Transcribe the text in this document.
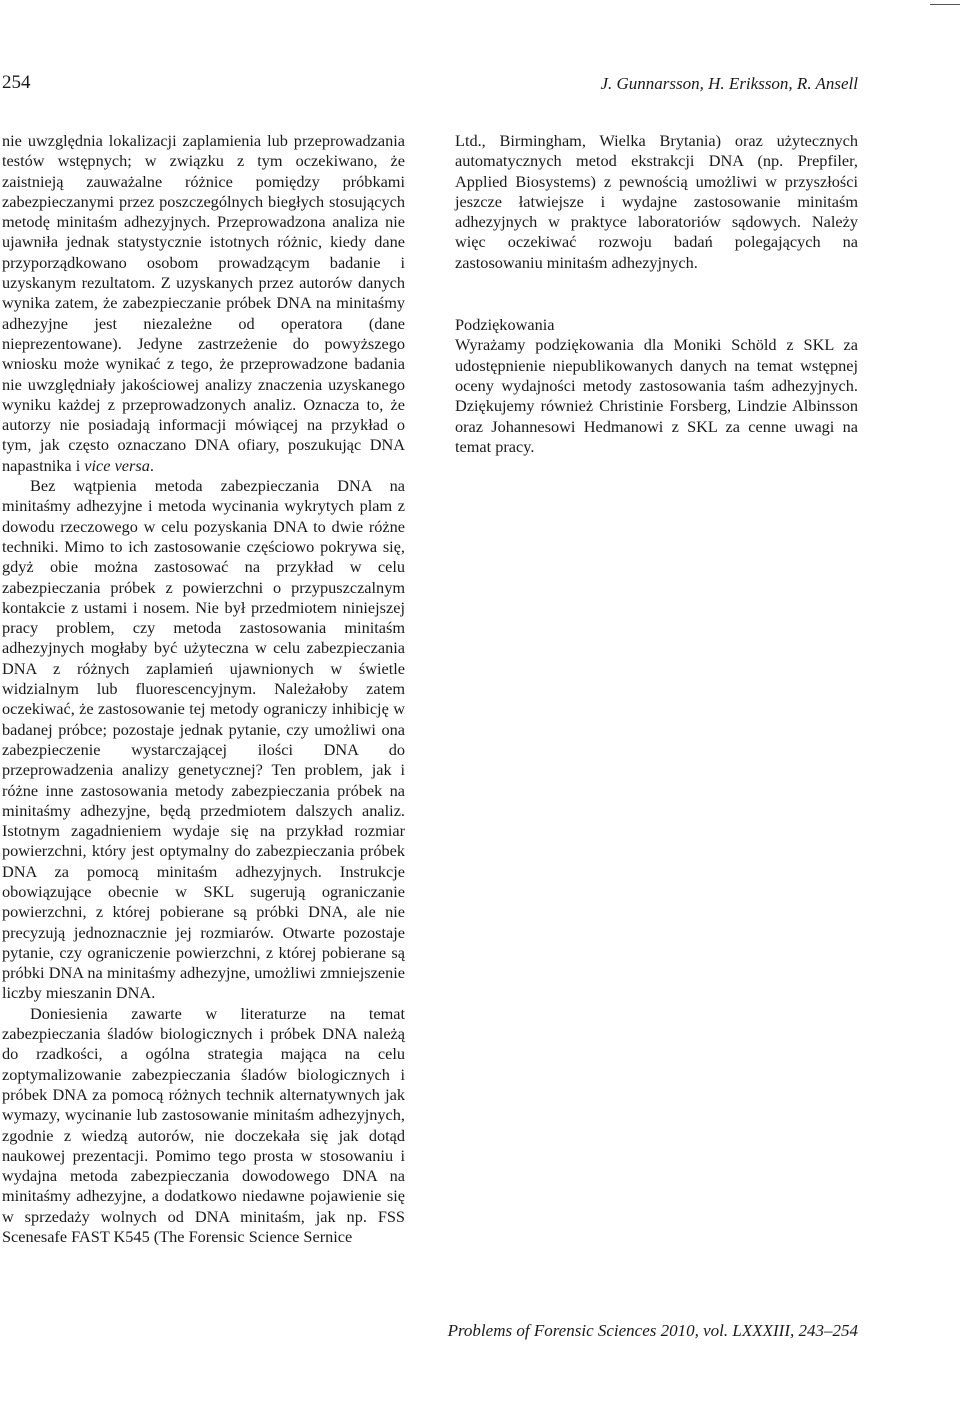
254	J. Gunnarsson, H. Eriksson, R. Ansell

nie uwzględnia lokalizacji zaplamienia lub przeprowadzania testów wstępnych; w związku z tym oczekiwano, że zaistnieją zauważalne różnice pomiędzy próbkami zabezpieczanymi przez poszczególnych biegłych stosujących metodę minitaśm adhezyjnych. Przeprowadzona analiza nie ujawniła jednak statystycznie istotnych różnic, kiedy dane przyporządkowano osobom prowadzącym badanie i uzyskanym rezultatom. Z uzyskanych przez autorów danych wynika zatem, że zabezpieczanie próbek DNA na minitaśmy adhezyjne jest niezależne od operatora (dane nieprezentowane). Jedyne zastrzeżenie do powyższego wniosku może wynikać z tego, że przeprowadzone badania nie uwzględniały jakościowej analizy znaczenia uzyskanego wyniku każdej z przeprowadzonych analiz. Oznacza to, że autorzy nie posiadają informacji mówiącej na przykład o tym, jak często oznaczano DNA ofiary, poszukując DNA napastnika i vice versa.

Bez wątpienia metoda zabezpieczania DNA na minitaśmy adhezyjne i metoda wycinania wykrytych plam z dowodu rzeczowego w celu pozyskania DNA to dwie różne techniki. Mimo to ich zastosowanie częściowo pokrywa się, gdyż obie można zastosować na przykład w celu zabezpieczania próbek z powierzchni o przypuszczalnym kontakcie z ustami i nosem. Nie był przedmiotem niniejszej pracy problem, czy metoda zastosowania minitaśm adhezyjnych mogłaby być użyteczna w celu zabezpieczania DNA z różnych zaplamień ujawnionych w świetle widzialnym lub fluorescencyjnym. Należałoby zatem oczekiwać, że zastosowanie tej metody ograniczy inhibicję w badanej próbce; pozostaje jednak pytanie, czy umożliwi ona zabezpieczenie wystarczającej ilości DNA do przeprowadzenia analizy genetycznej? Ten problem, jak i różne inne zastosowania metody zabezpieczania próbek na minitaśmy adhezyjne, będą przedmiotem dalszych analiz. Istotnym zagadnieniem wydaje się na przykład rozmiar powierzchni, który jest optymalny do zabezpieczania próbek DNA za pomocą minitaśm adhezyjnych. Instrukcje obowiązujące obecnie w SKL sugerują ograniczanie powierzchni, z której pobierane są próbki DNA, ale nie precyzują jednoznacznie jej rozmiarów. Otwarte pozostaje pytanie, czy ograniczenie powierzchni, z której pobierane są próbki DNA na minitaśmy adhezyjne, umożliwi zmniejszenie liczby mieszanin DNA.

Doniesienia zawarte w literaturze na temat zabezpieczania śladów biologicznych i próbek DNA należą do rzadkości, a ogólna strategia mająca na celu zoptymalizowanie zabezpieczania śladów biologicznych i próbek DNA za pomocą różnych technik alternatywnych jak wymazy, wycinanie lub zastosowanie minitaśm adhezyjnych, zgodnie z wiedzą autorów, nie doczekała się jak dotąd naukowej prezentacji. Pomimo tego prosta w stosowaniu i wydajna metoda zabezpieczania dowodowego DNA na minitaśmy adhezyjne, a dodatkowo niedawne pojawienie się w sprzedaży wolnych od DNA minitaśm, jak np. FSS Scenesafe FAST K545 (The Forensic Science Sernice

Ltd., Birmingham, Wielka Brytania) oraz użytecznych automatycznych metod ekstrakcji DNA (np. Prepfiler, Applied Biosystems) z pewnością umożliwi w przyszłości jeszcze łatwiejsze i wydajne zastosowanie minitaśm adhezyjnych w praktyce laboratoriów sądowych. Należy więc oczekiwać rozwoju badań polegających na zastosowaniu minitaśm adhezyjnych.

Podziękowania

Wyrażamy podziękowania dla Moniki Schöld z SKL za udostępnienie niepublikowanych danych na temat wstępnej oceny wydajności metody zastosowania taśm adhezyjnych. Dziękujemy również Christinie Forsberg, Lindzie Albinsson oraz Johannesowi Hedmanowi z SKL za cenne uwagi na temat pracy.

Problems of Forensic Sciences 2010, vol. LXXXIII, 243–254
